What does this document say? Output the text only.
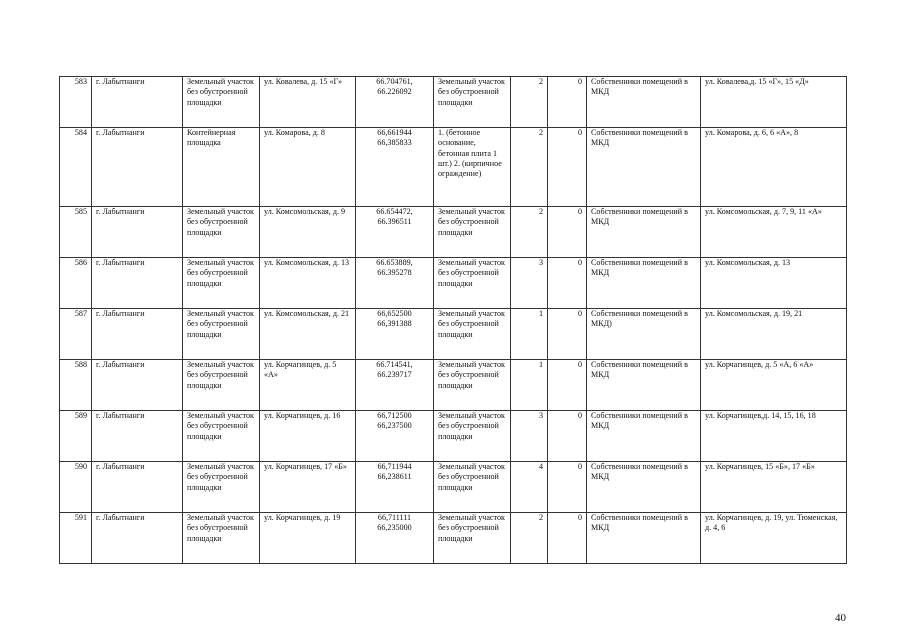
583	г. Лабытнанги	Земельный участок без обустроенной площадки	ул. Ковалева, д. 15 «Г»	66.704761, 66.226092	Земельный участок без обустроенной площадки	2	0	Собственники помещений в МКД	ул. Ковалева,д. 15 «Г», 15 «Д»
584	г. Лабытнанги	Контейнерная площадка	ул. Комарова, д. 8	66,661944 66,385833	1. (бетонное основание, бетонная плита 1 шт.) 2. (кирпичное ограждение)	2	0	Собственники помещений в МКД	ул. Комарова, д. 6, 6 «А», 8
585	г. Лабытнанги	Земельный участок без обустроенной площадки	ул. Комсомольская, д. 9	66.654472, 66.396511	Земельный участок без обустроенной площадки	2	0	Собственники помещений в МКД	ул. Комсомольская, д. 7, 9, 11 «А»
586	г. Лабытнанги	Земельный участок без обустроенной площадки	ул. Комсомольская, д. 13	66.653889, 66.395278	Земельный участок без обустроенной площадки	3	0	Собственники помещений в МКД	ул. Комсомольская, д. 13
587	г. Лабытнанги	Земельный участок без обустроенной площадки	ул. Комсомольская, д. 21	66,652500 66,391388	Земельный участок без обустроенной площадки	1	0	Собственники помещений в МКД)	ул. Комсомольская, д. 19, 21
588	г. Лабытнанги	Земельный участок без обустроенной площадки	ул. Корчагинцев, д. 5 «А»	66.714541, 66.239717	Земельный участок без обустроенной площадки	1	0	Собственники помещений в МКД	ул. Корчагинцев, д. 5 «А, 6 «А»
589	г. Лабытнанги	Земельный участок без обустроенной площадки	ул. Корчагинцев, д. 16	66,712500 66,237500	Земельный участок без обустроенной площадки	3	0	Собственники помещений в МКД	ул. Корчагинцев,д. 14, 15, 16, 18
590	г. Лабытнанги	Земельный участок без обустроенной площадки	ул. Корчагинцев, 17 «Б»	66,711944 66,238611	Земельный участок без обустроенной площадки	4	0	Собственники помещений в МКД	ул. Корчагинцев, 15 «Б», 17 «Б»
591	г. Лабытнанги	Земельный участок без обустроенной площадки	ул. Корчагинцев, д. 19	66,711111 66,235000	Земельный участок без обустроенной площадки	2	0	Собственники помещений в МКД	ул. Корчагинцев, д. 19, ул. Тюменская, д. 4, 6
40
